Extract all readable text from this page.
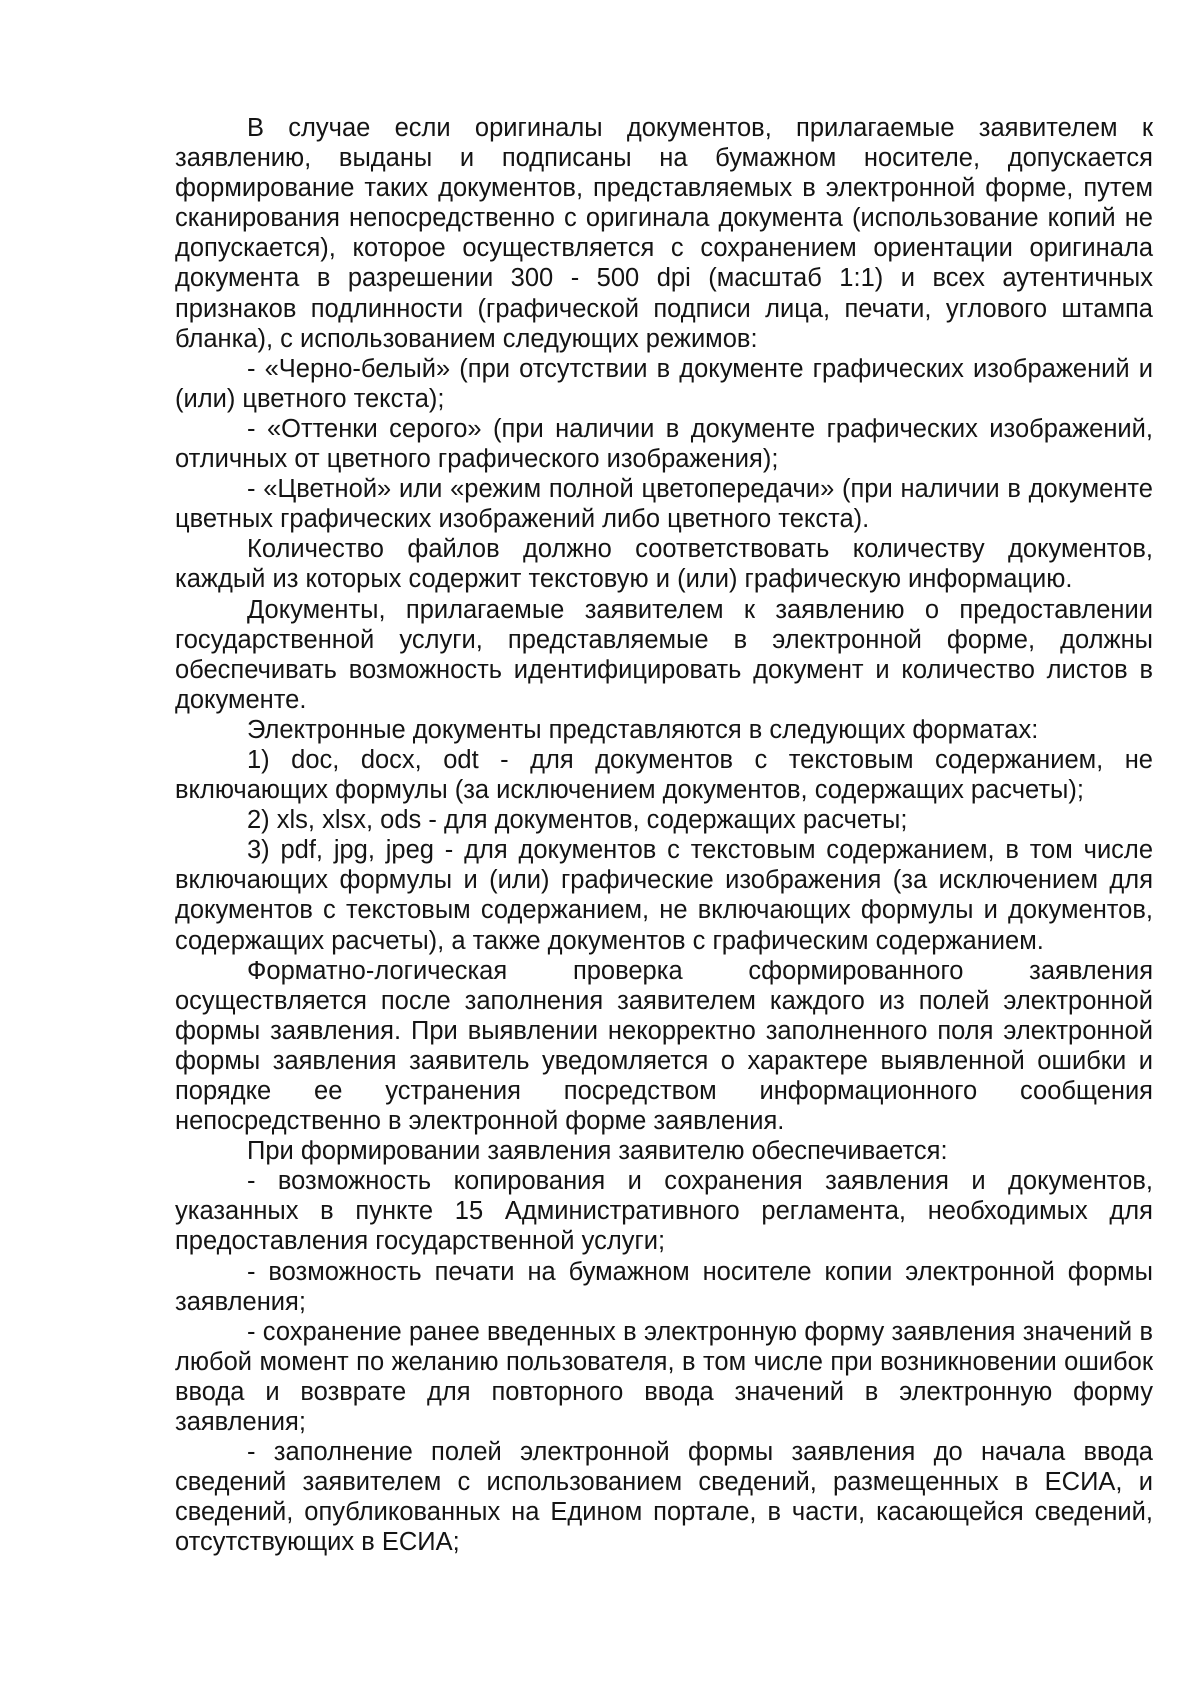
В случае если оригиналы документов, прилагаемые заявителем к заявлению, выданы и подписаны на бумажном носителе, допускается формирование таких документов, представляемых в электронной форме, путем сканирования непосредственно с оригинала документа (использование копий не допускается), которое осуществляется с сохранением ориентации оригинала документа в разрешении 300 - 500 dpi (масштаб 1:1) и всех аутентичных признаков подлинности (графической подписи лица, печати, углового штампа бланка), с использованием следующих режимов:

- «Черно-белый» (при отсутствии в документе графических изображений и (или) цветного текста);

- «Оттенки серого» (при наличии в документе графических изображений, отличных от цветного графического изображения);

- «Цветной» или «режим полной цветопередачи» (при наличии в документе цветных графических изображений либо цветного текста).

Количество файлов должно соответствовать количеству документов, каждый из которых содержит текстовую и (или) графическую информацию.

Документы, прилагаемые заявителем к заявлению о предоставлении государственной услуги, представляемые в электронной форме, должны обеспечивать возможность идентифицировать документ и количество листов в документе.

Электронные документы представляются в следующих форматах:

1) doc, docx, odt - для документов с текстовым содержанием, не включающих формулы (за исключением документов, содержащих расчеты);

2) xls, xlsx, ods - для документов, содержащих расчеты;

3) pdf, jpg, jpeg - для документов с текстовым содержанием, в том числе включающих формулы и (или) графические изображения (за исключением для документов с текстовым содержанием, не включающих формулы и документов, содержащих расчеты), а также документов с графическим содержанием.

Форматно-логическая проверка сформированного заявления осуществляется после заполнения заявителем каждого из полей электронной формы заявления. При выявлении некорректно заполненного поля электронной формы заявления заявитель уведомляется о характере выявленной ошибки и порядке ее устранения посредством информационного сообщения непосредственно в электронной форме заявления.

При формировании заявления заявителю обеспечивается:

- возможность копирования и сохранения заявления и документов, указанных в пункте 15 Административного регламента, необходимых для предоставления государственной услуги;

- возможность печати на бумажном носителе копии электронной формы заявления;

- сохранение ранее введенных в электронную форму заявления значений в любой момент по желанию пользователя, в том числе при возникновении ошибок ввода и возврате для повторного ввода значений в электронную форму заявления;

- заполнение полей электронной формы заявления до начала ввода сведений заявителем с использованием сведений, размещенных в ЕСИА, и сведений, опубликованных на Едином портале, в части, касающейся сведений, отсутствующих в ЕСИА;
